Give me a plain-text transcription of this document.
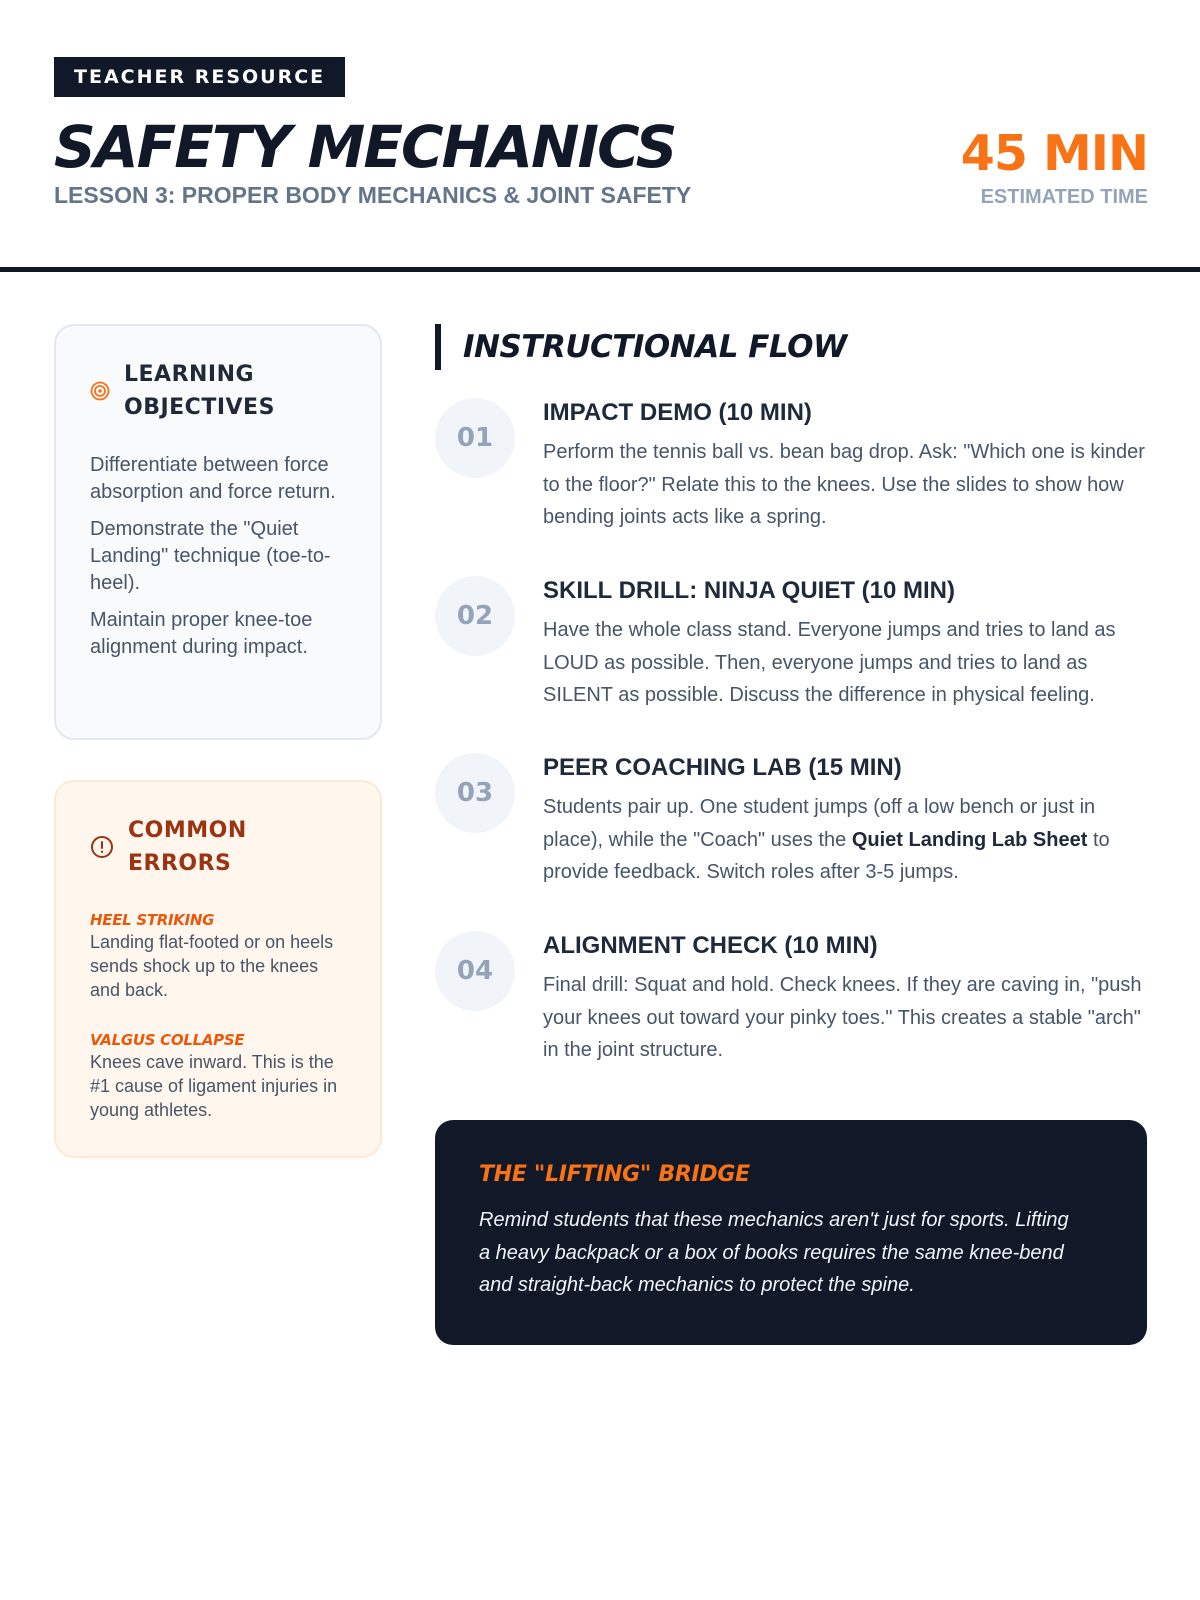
TEACHER RESOURCE
SAFETY MECHANICS
LESSON 3: PROPER BODY MECHANICS & JOINT SAFETY
45 MIN
ESTIMATED TIME
LEARNING
OBJECTIVES

Differentiate between force absorption and force return.

Demonstrate the "Quiet Landing" technique (toe-to-heel).

Maintain proper knee-toe alignment during impact.

COMMON
ERRORS
HEEL STRIKING
Landing flat-footed or on heels sends shock up to the knees and back.
VALGUS COLLAPSE
Knees cave inward. This is the #1 cause of ligament injuries in young athletes.
INSTRUCTIONAL FLOW
01
IMPACT DEMO (10 MIN)
Perform the tennis ball vs. bean bag drop. Ask: "Which one is kinder to the floor?" Relate this to the knees. Use the slides to show how bending joints acts like a spring.
02
SKILL DRILL: NINJA QUIET (10 MIN)
Have the whole class stand. Everyone jumps and tries to land as LOUD as possible. Then, everyone jumps and tries to land as SILENT as possible. Discuss the difference in physical feeling.
03
PEER COACHING LAB (15 MIN)
Students pair up. One student jumps (off a low bench or just in place), while the "Coach" uses the Quiet Landing Lab Sheet to provide feedback. Switch roles after 3-5 jumps.
04
ALIGNMENT CHECK (10 MIN)
Final drill: Squat and hold. Check knees. If they are caving in, "push your knees out toward your pinky toes." This creates a stable "arch" in the joint structure.
THE "LIFTING" BRIDGE

Remind students that these mechanics aren't just for sports. Lifting a heavy backpack or a box of books requires the same knee-bend and straight-back mechanics to protect the spine.
